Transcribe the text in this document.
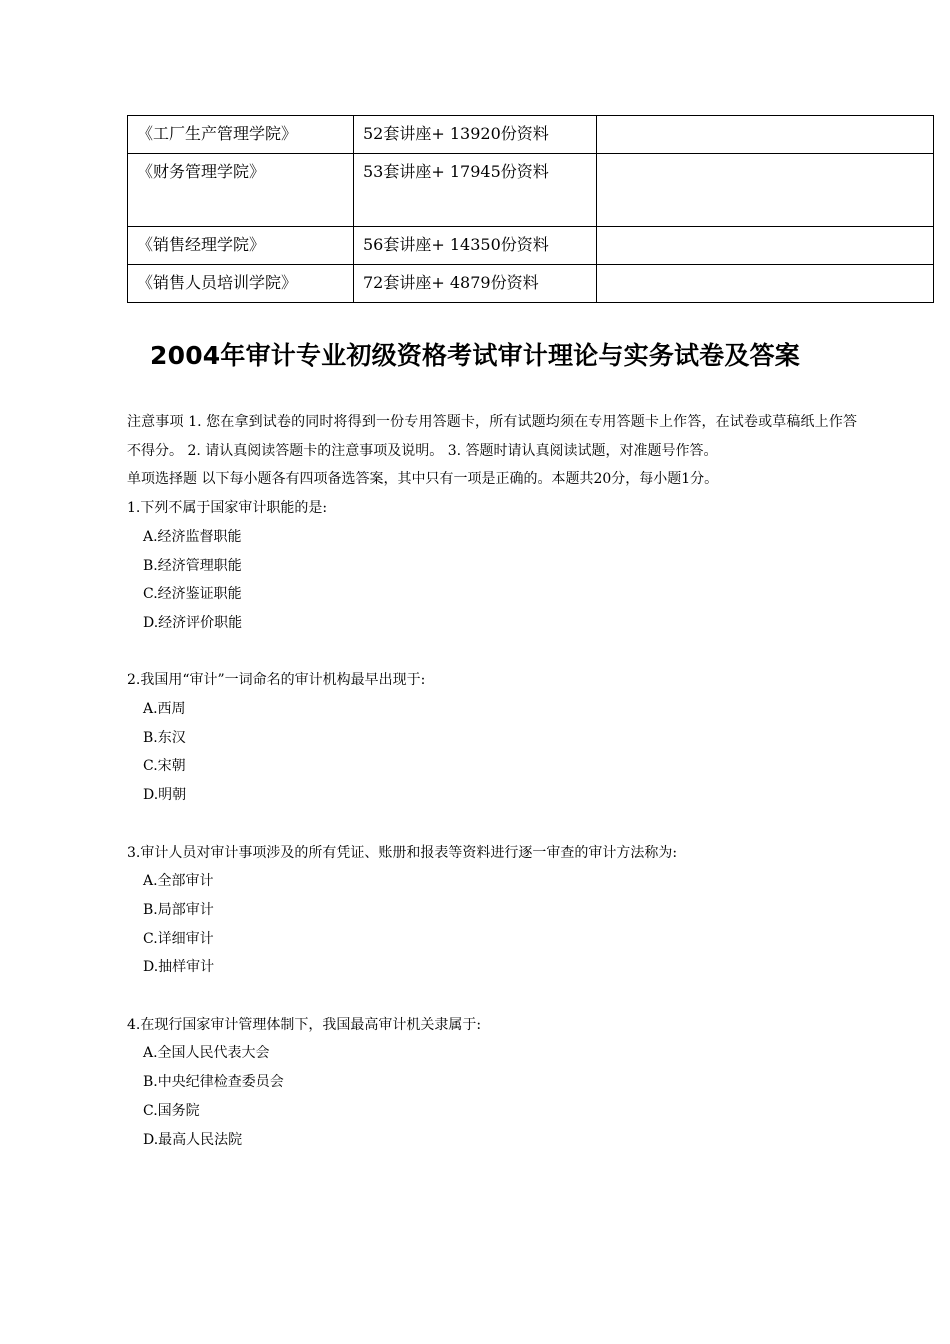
《工厂生产管理学院》	52套讲座+ 13920份资料	
《财务管理学院》	53套讲座+ 17945份资料	

《销售经理学院》	56套讲座+ 14350份资料	
《销售人员培训学院》	72套讲座+ 4879份资料	
2004年审计专业初级资格考试审计理论与实务试卷及答案

注意事项 1. 您在拿到试卷的同时将得到一份专用答题卡，所有试题均须在专用答题卡上作答，在试卷或草稿纸上作答不得分。 2. 请认真阅读答题卡的注意事项及说明。 3. 答题时请认真阅读试题，对准题号作答。

单项选择题 以下每小题各有四项备选答案，其中只有一项是正确的。本题共20分，每小题1分。

1.下列不属于国家审计职能的是:

A.经济监督职能

B.经济管理职能

C.经济鉴证职能

D.经济评价职能

2.我国用“审计”一词命名的审计机构最早出现于:

A.西周

B.东汉

C.宋朝

D.明朝

3.审计人员对审计事项涉及的所有凭证、账册和报表等资料进行逐一审查的审计方法称为:

A.全部审计

B.局部审计

C.详细审计

D.抽样审计

4.在现行国家审计管理体制下，我国最高审计机关隶属于:

A.全国人民代表大会

B.中央纪律检查委员会

C.国务院

D.最高人民法院
